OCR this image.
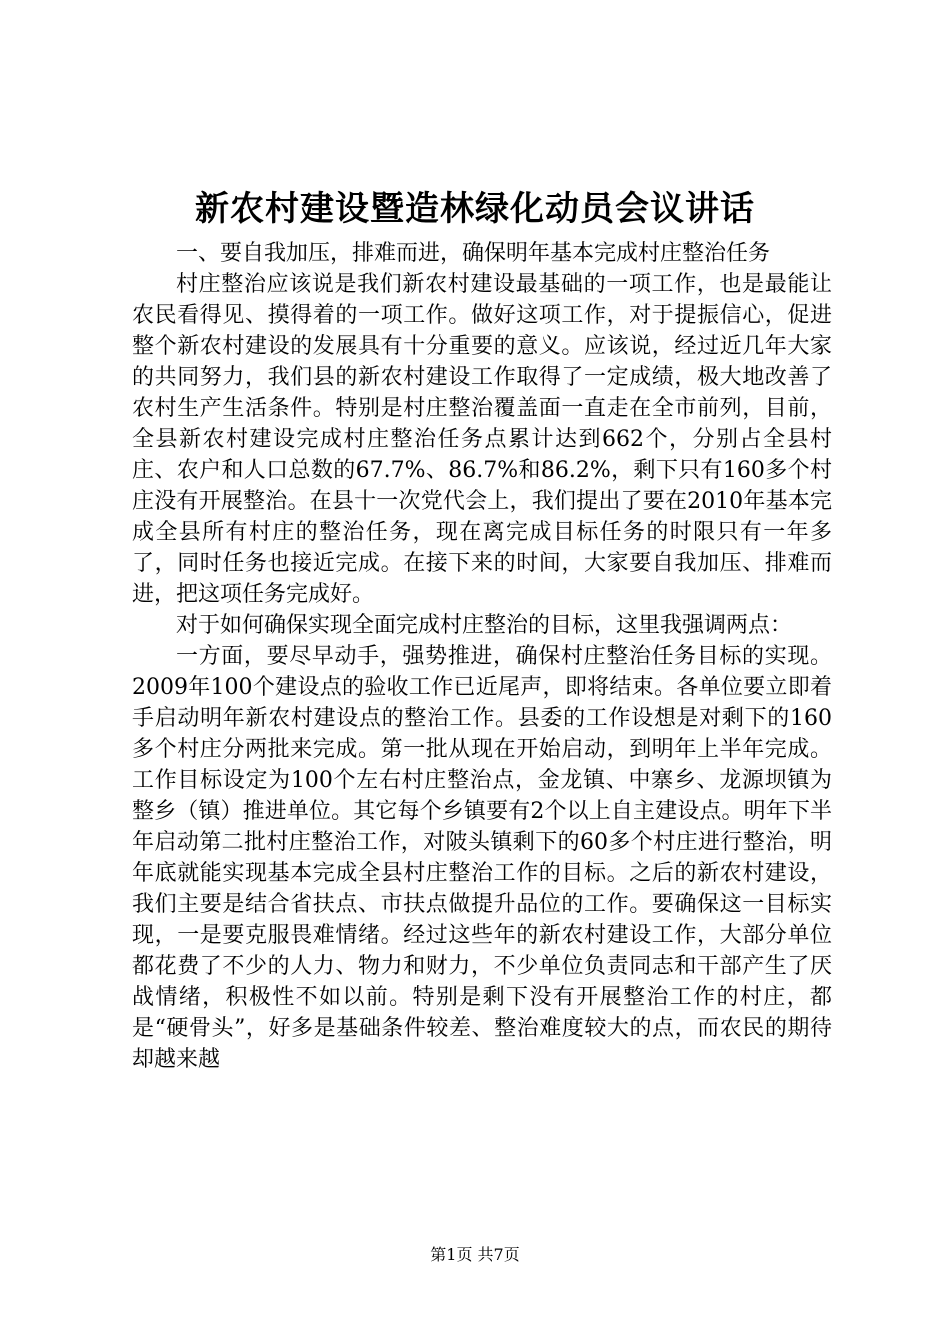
新农村建设暨造林绿化动员会议讲话

一、要自我加压，排难而进，确保明年基本完成村庄整治任务

村庄整治应该说是我们新农村建设最基础的一项工作，也是最能让农民看得见、摸得着的一项工作。做好这项工作，对于提振信心，促进整个新农村建设的发展具有十分重要的意义。应该说，经过近几年大家的共同努力，我们县的新农村建设工作取得了一定成绩，极大地改善了农村生产生活条件。特别是村庄整治覆盖面一直走在全市前列，目前，全县新农村建设完成村庄整治任务点累计达到662个，分别占全县村庄、农户和人口总数的67.7%、86.7%和86.2%，剩下只有160多个村庄没有开展整治。在县十一次党代会上，我们提出了要在2010年基本完成全县所有村庄的整治任务，现在离完成目标任务的时限只有一年多了，同时任务也接近完成。在接下来的时间，大家要自我加压、排难而进，把这项任务完成好。

对于如何确保实现全面完成村庄整治的目标，这里我强调两点：

一方面，要尽早动手，强势推进，确保村庄整治任务目标的实现。2009年100个建设点的验收工作已近尾声，即将结束。各单位要立即着手启动明年新农村建设点的整治工作。县委的工作设想是对剩下的160多个村庄分两批来完成。第一批从现在开始启动，到明年上半年完成。工作目标设定为100个左右村庄整治点，金龙镇、中寨乡、龙源坝镇为整乡（镇）推进单位。其它每个乡镇要有2个以上自主建设点。明年下半年启动第二批村庄整治工作，对陂头镇剩下的60多个村庄进行整治，明年底就能实现基本完成全县村庄整治工作的目标。之后的新农村建设，我们主要是结合省扶点、市扶点做提升品位的工作。要确保这一目标实现，一是要克服畏难情绪。经过这些年的新农村建设工作，大部分单位都花费了不少的人力、物力和财力，不少单位负责同志和干部产生了厌战情绪，积极性不如以前。特别是剩下没有开展整治工作的村庄，都是“硬骨头”，好多是基础条件较差、整治难度较大的点，而农民的期待却越来越

第1页 共7页
